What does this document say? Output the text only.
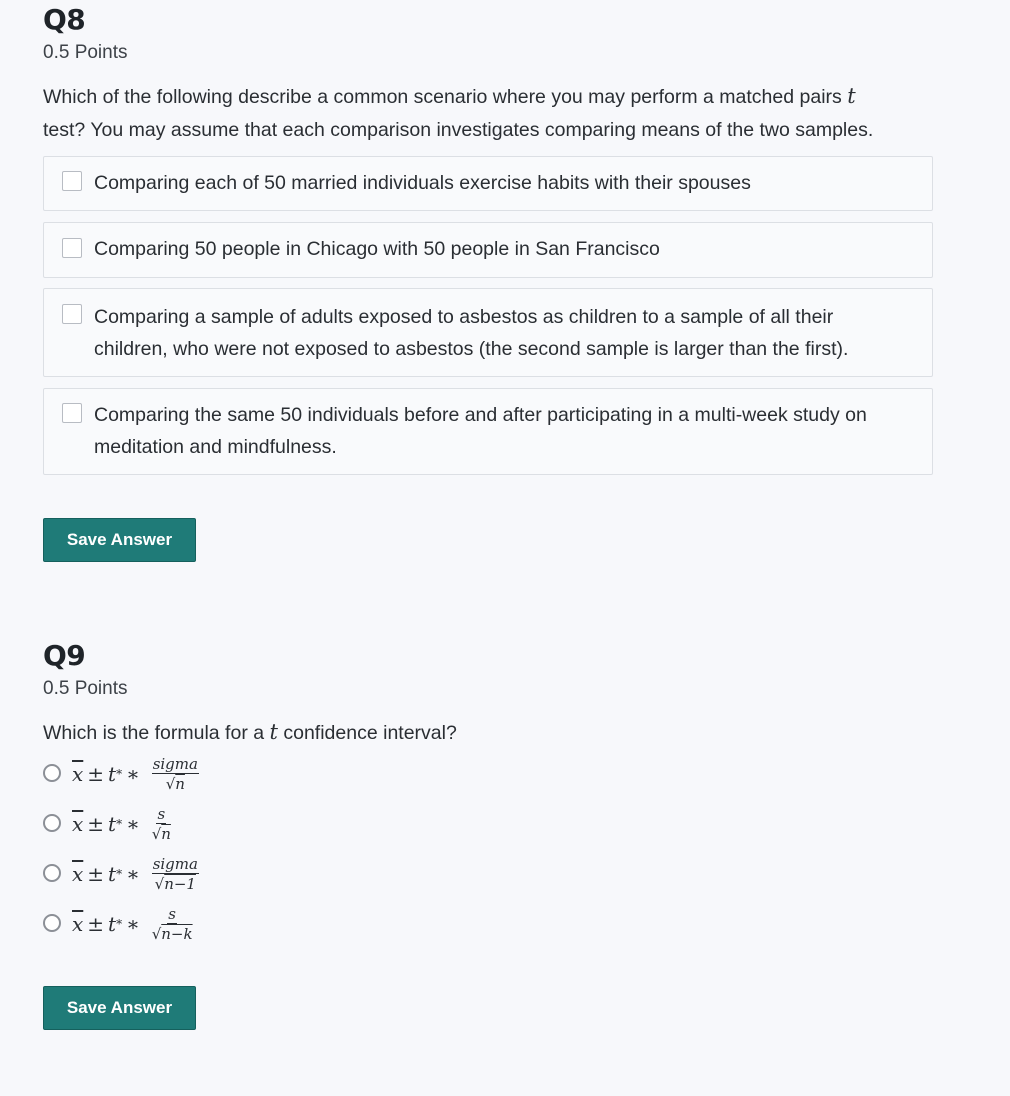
Q8
0.5 Points
Which of the following describe a common scenario where you may perform a matched pairs t
test? You may assume that each comparison investigates comparing means of the two samples.
Comparing each of 50 married individuals exercise habits with their spouses
Comparing 50 people in Chicago with 50 people in San Francisco
Comparing a sample of adults exposed to asbestos as children to a sample of all their children, who were not exposed to asbestos (the second sample is larger than the first).
Comparing the same 50 individuals before and after participating in a multi-week study on meditation and mindfulness.
Save Answer
Q9
0.5 Points
Which is the formula for a t confidence interval?
$\overline{x} \pm t$ * ∗ $\frac{\text{sigma}}{√n}$
$\overline{x} \pm t$ * ∗ $\frac{s}{√n}$
$\overline{x} \pm t$ * ∗ $\frac{\text{sigma}}{√n-1}$
$\overline{x} \pm t$ * ∗ $\frac{s}{√n-k}$
Save Answer
